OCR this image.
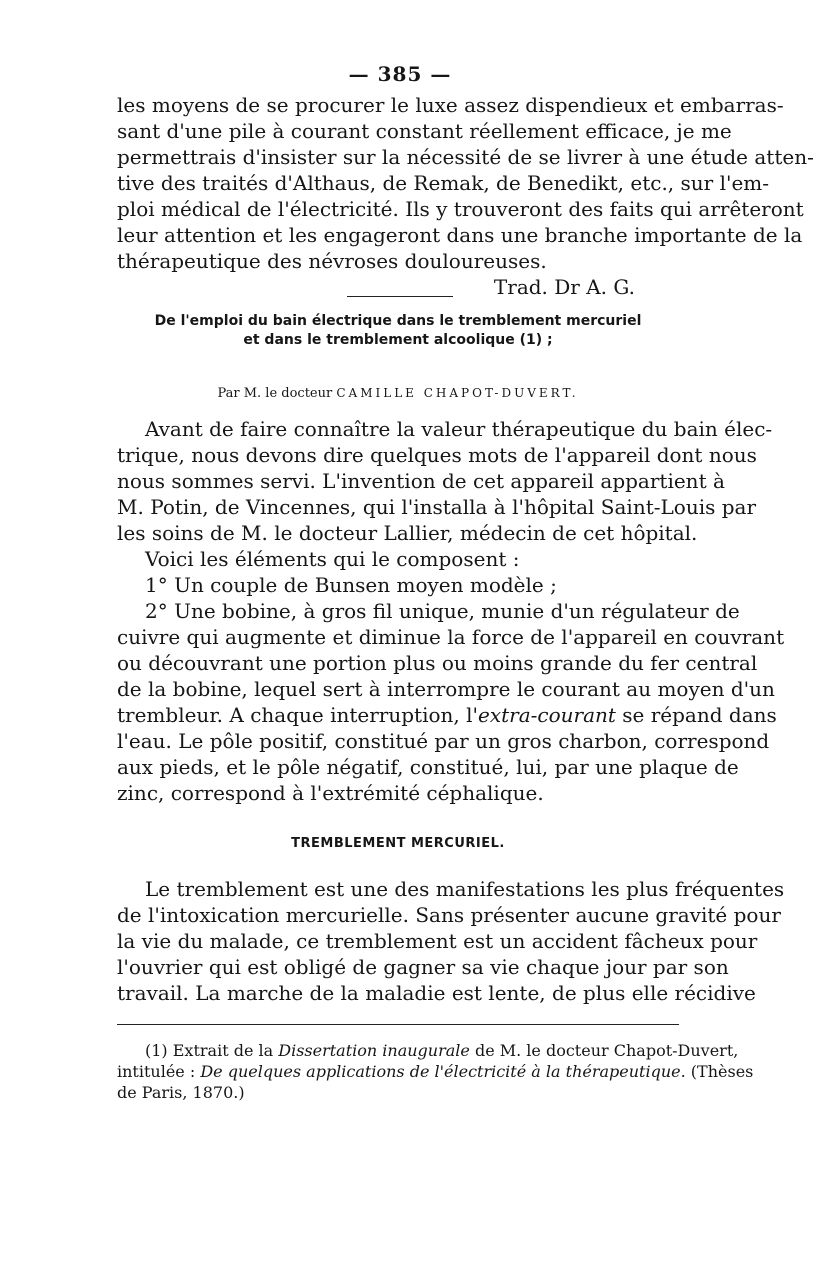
— 385 —
les moyens de se procurer le luxe assez dispendieux et embarras-
sant d'une pile à courant constant réellement efficace, je me
permettrais d'insister sur la nécessité de se livrer à une étude atten-
tive des traités d'Althaus, de Remak, de Benedikt, etc., sur l'em-
ploi médical de l'électricité. Ils y trouveront des faits qui arrêteront
leur attention et les engageront dans une branche importante de la
thérapeutique des névroses douloureuses.
Trad. Dr A. G.
De l'emploi du bain électrique dans le tremblement mercuriel
et dans le tremblement alcoolique (1) ;
Par M. le docteur CAMILLE CHAPOT-DUVERT.
Avant de faire connaître la valeur thérapeutique du bain élec-
trique, nous devons dire quelques mots de l'appareil dont nous
nous sommes servi. L'invention de cet appareil appartient à
M. Potin, de Vincennes, qui l'installa à l'hôpital Saint-Louis par
les soins de M. le docteur Lallier, médecin de cet hôpital.
Voici les éléments qui le composent :
1° Un couple de Bunsen moyen modèle ;
2° Une bobine, à gros fil unique, munie d'un régulateur de
cuivre qui augmente et diminue la force de l'appareil en couvrant
ou découvrant une portion plus ou moins grande du fer central
de la bobine, lequel sert à interrompre le courant au moyen d'un
trembleur. A chaque interruption, l'extra-courant se répand dans
l'eau. Le pôle positif, constitué par un gros charbon, correspond
aux pieds, et le pôle négatif, constitué, lui, par une plaque de
zinc, correspond à l'extrémité céphalique.
TREMBLEMENT MERCURIEL.
Le tremblement est une des manifestations les plus fréquentes
de l'intoxication mercurielle. Sans présenter aucune gravité pour
la vie du malade, ce tremblement est un accident fâcheux pour
l'ouvrier qui est obligé de gagner sa vie chaque jour par son
travail. La marche de la maladie est lente, de plus elle récidive
(1) Extrait de la Dissertation inaugurale de M. le docteur Chapot-Duvert,
intitulée : De quelques applications de l'électricité à la thérapeutique. (Thèses
de Paris, 1870.)
